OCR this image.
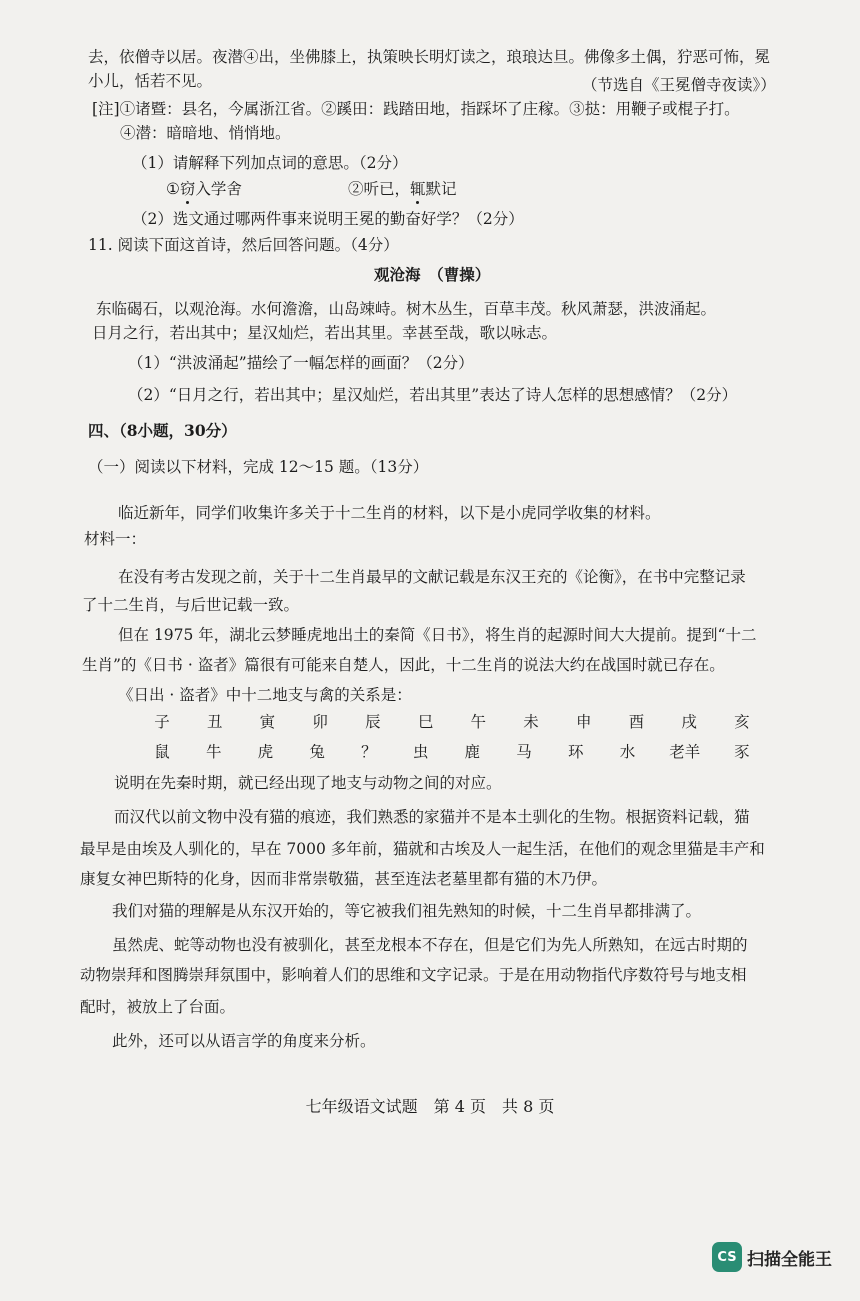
去，依僧寺以居。夜潜④出，坐佛膝上，执策映长明灯读之，琅琅达旦。佛像多土偶，狞恶可怖，冕
小儿，恬若不见。	（节选自《王冕僧寺夜读》）
[注]①诸暨：县名，今属浙江省。②蹊田：践踏田地，指踩坏了庄稼。③挞：用鞭子或棍子打。
④潜：暗暗地、悄悄地。
（1）请解释下列加点词的意思。（2分）
①窃入学舍	②听已，辄默记
（2）选文通过哪两件事来说明王冕的勤奋好学？（2分）
11. 阅读下面这首诗，然后回答问题。（4分）
观沧海　（曹操）
东临碣石，以观沧海。水何澹澹，山岛竦峙。树木丛生，百草丰茂。秋风萧瑟，洪波涌起。
日月之行，若出其中；星汉灿烂，若出其里。幸甚至哉，歌以咏志。
（1）“洪波涌起”描绘了一幅怎样的画面？（2分）
（2）“日月之行，若出其中；星汉灿烂，若出其里”表达了诗人怎样的思想感情？（2分）
四、（8小题，30分）
（一）阅读以下材料，完成 12～15 题。（13分）
临近新年，同学们收集许多关于十二生肖的材料，以下是小虎同学收集的材料。
材料一：
在没有考古发现之前，关于十二生肖最早的文献记载是东汉王充的《论衡》，在书中完整记录
了十二生肖，与后世记载一致。
但在 1975 年，湖北云梦睡虎地出土的秦简《日书》，将生肖的起源时间大大提前。提到“十二
生肖”的《日书 · 盗者》篇很有可能来自楚人，因此，十二生肖的说法大约在战国时就已存在。
《日出 · 盗者》中十二地支与禽的关系是：
子 丑 寅 卯 辰 巳 午 未 申 酉 戌 亥
鼠 牛 虎 兔 ？ 虫 鹿 马 环 水 老羊 豕
说明在先秦时期，就已经出现了地支与动物之间的对应。
而汉代以前文物中没有猫的痕迹，我们熟悉的家猫并不是本土驯化的生物。根据资料记载，猫
最早是由埃及人驯化的，早在 7000 多年前，猫就和古埃及人一起生活，在他们的观念里猫是丰产和
康复女神巴斯特的化身，因而非常崇敬猫，甚至连法老墓里都有猫的木乃伊。
我们对猫的理解是从东汉开始的，等它被我们祖先熟知的时候，十二生肖早都排满了。
虽然虎、蛇等动物也没有被驯化，甚至龙根本不存在，但是它们为先人所熟知，在远古时期的
动物崇拜和图腾崇拜氛围中，影响着人们的思维和文字记录。于是在用动物指代序数符号与地支相
配时，被放上了台面。
此外，还可以从语言学的角度来分析。
七年级语文试题　第 4 页　共 8 页
CS 扫描全能王
